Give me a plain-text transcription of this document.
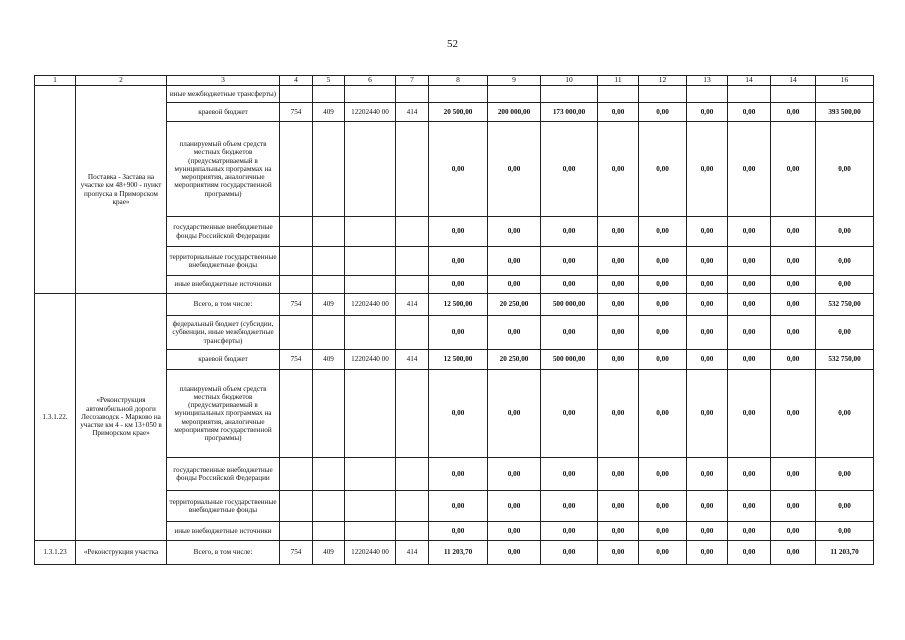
52
1	2	3	4	5	6	7	8	9	10	11	12	13	14	14	16
	Поставка - Застава на участке км 48+900 - пункт пропуска в Приморском крае»	иные межбюджетные трансферты)													
		краевой бюджет	754	409	12202440 00	414	20 500,00	200 000,00	173 000,00	0,00	0,00	0,00	0,00	0,00	393 500,00
		планируемый объем средств местных бюджетов (предусматриваемый в муниципальных программах на мероприятия, аналогичные мероприятиям государственной программы)					0,00	0,00	0,00	0,00	0,00	0,00	0,00	0,00	0,00
		государственные внебюджетные фонды Российской Федерации					0,00	0,00	0,00	0,00	0,00	0,00	0,00	0,00	0,00
		территориальные государственные внебюджетные фонды					0,00	0,00	0,00	0,00	0,00	0,00	0,00	0,00	0,00
		иные внебюджетные источники					0,00	0,00	0,00	0,00	0,00	0,00	0,00	0,00	0,00
1.3.1.22.	«Реконструкция автомобильной дороги Лесозаводск - Марково на участке км 4 - км 13+050 в Приморском крае»	Всего, в том числе:	754	409	12202440 00	414	12 500,00	20 250,00	500 000,00	0,00	0,00	0,00	0,00	0,00	532 750,00
		федеральный бюджет (субсидии, субвенции, иные межбюджетные трансферты)					0,00	0,00	0,00	0,00	0,00	0,00	0,00	0,00	0,00
		краевой бюджет	754	409	12202440 00	414	12 500,00	20 250,00	500 000,00	0,00	0,00	0,00	0,00	0,00	532 750,00
		планируемый объем средств местных бюджетов (предусматриваемый в муниципальных программах на мероприятия, аналогичные мероприятиям государственной программы)					0,00	0,00	0,00	0,00	0,00	0,00	0,00	0,00	0,00
		государственные внебюджетные фонды Российской Федерации					0,00	0,00	0,00	0,00	0,00	0,00	0,00	0,00	0,00
		территориальные государственные внебюджетные фонды					0,00	0,00	0,00	0,00	0,00	0,00	0,00	0,00	0,00
		иные внебюджетные источники					0,00	0,00	0,00	0,00	0,00	0,00	0,00	0,00	0,00
1.3.1.23	«Реконструкция участка	Всего, в том числе:	754	409	12202440 00	414	11 203,70	0,00	0,00	0,00	0,00	0,00	0,00	0,00	11 203,70
